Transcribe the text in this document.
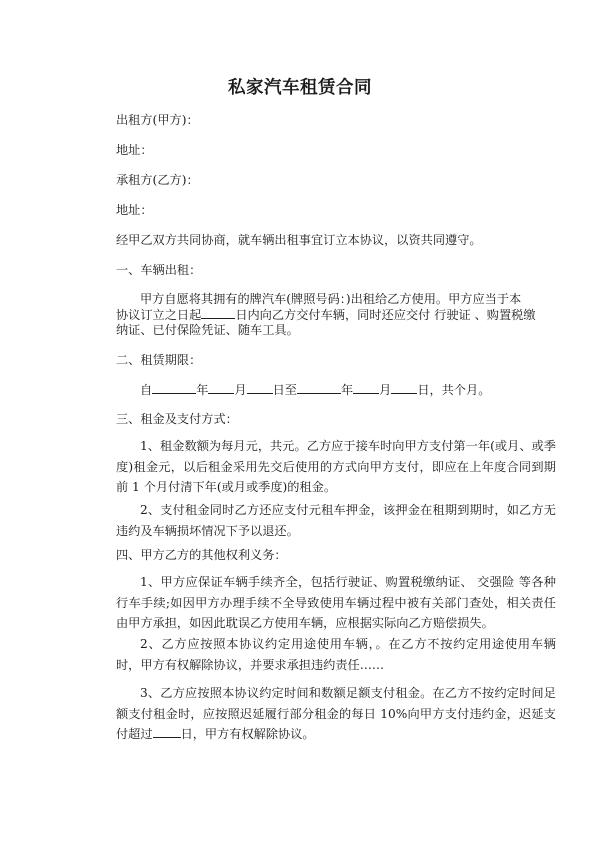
私家汽车租赁合同
出租方(甲方)：
地址：
承租方(乙方)：
地址：
经甲乙双方共同协商，就车辆出租事宜订立本协议，以资共同遵守。
一、车辆出租：
甲方自愿将其拥有的牌汽车(牌照号码：)出租给乙方使用。甲方应当于本
协议订立之日起	日内向乙方交付车辆，同时还应交付 行驶证 、购置税缴
纳证、已付保险凭证、随车工具。
二、租赁期限：
自	年 月 日至	年 月 日，共个月。
三、租金及支付方式：
1、租金数额为每月元，共元。乙方应于接车时向甲方支付第一年(或月、或季度)租金元，以后租金采用先交后使用的方式向甲方支付，即应在上年度合同到期 前 1 个月付清下年(或月或季度)的租金。
2、支付租金同时乙方还应支付元租车押金，该押金在租期到期时，如乙方无违约及车辆损坏情况下予以退还。
四、甲方乙方的其他权利义务：
1、甲方应保证车辆手续齐全，包括行驶证、购置税缴纳证、 交强险 等各种行车手续;如因甲方办理手续不全导致使用车辆过程中被有关部门查处，相关责任由甲方承担，如因此耽误乙方使用车辆，应根据实际向乙方赔偿损失。
2、乙方应按照本协议约定用途使用车辆，。在乙方不按约定用途使用车辆时，甲方有权解除协议，并要求承担违约责任……
3、乙方应按照本协议约定时间和数额足额支付租金。在乙方不按约定时间足额支付租金时，应按照迟延履行部分租金的每日 10%向甲方支付违约金，迟延支付超过 日，甲方有权解除协议。
